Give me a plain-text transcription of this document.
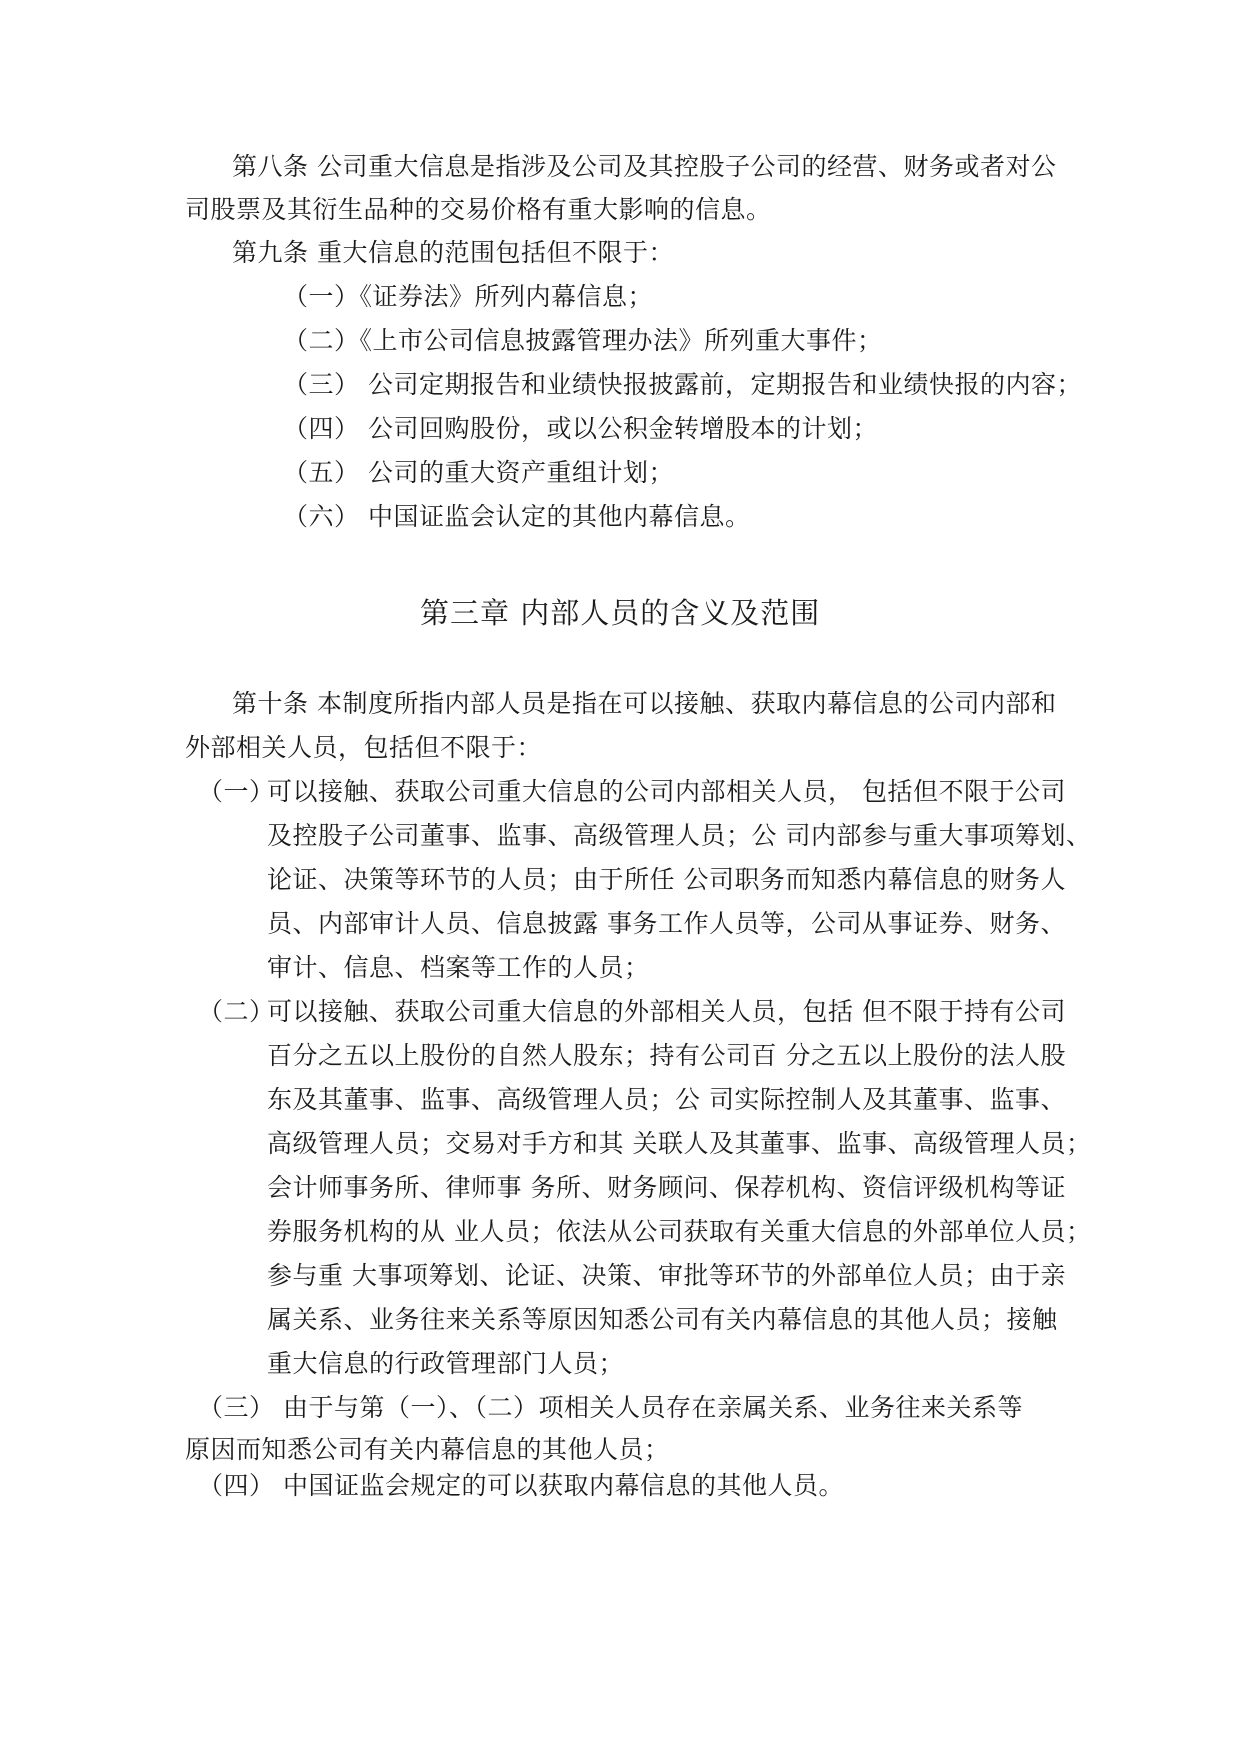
第八条 公司重大信息是指涉及公司及其控股子公司的经营、财务或者对公
司股票及其衍生品种的交易价格有重大影响的信息。
第九条 重大信息的范围包括但不限于：
（一）《证券法》所列内幕信息；
（二）《上市公司信息披露管理办法》所列重大事件；
（三） 公司定期报告和业绩快报披露前，定期报告和业绩快报的内容；
（四） 公司回购股份，或以公积金转增股本的计划；
（五） 公司的重大资产重组计划；
（六） 中国证监会认定的其他内幕信息。
第三章 内部人员的含义及范围
第十条 本制度所指内部人员是指在可以接触、获取内幕信息的公司内部和
外部相关人员，包括但不限于：
（一）
可以接触、获取公司重大信息的公司内部相关人员， 包括但不限于公司
及控股子公司董事、监事、高级管理人员；公 司内部参与重大事项筹划、
论证、决策等环节的人员；由于所任 公司职务而知悉内幕信息的财务人
员、内部审计人员、信息披露 事务工作人员等，公司从事证券、财务、
审计、信息、档案等工作的人员；
（二）
可以接触、获取公司重大信息的外部相关人员，包括 但不限于持有公司
百分之五以上股份的自然人股东；持有公司百 分之五以上股份的法人股
东及其董事、监事、高级管理人员；公 司实际控制人及其董事、监事、
高级管理人员；交易对手方和其 关联人及其董事、监事、高级管理人员；
会计师事务所、律师事 务所、财务顾问、保荐机构、资信评级机构等证
券服务机构的从 业人员；依法从公司获取有关重大信息的外部单位人员；
参与重 大事项筹划、论证、决策、审批等环节的外部单位人员；由于亲
属关系、业务往来关系等原因知悉公司有关内幕信息的其他人员；接触
重大信息的行政管理部门人员；
（三） 由于与第（一）、（二）项相关人员存在亲属关系、业务往来关系等
原因而知悉公司有关内幕信息的其他人员；
（四） 中国证监会规定的可以获取内幕信息的其他人员。
